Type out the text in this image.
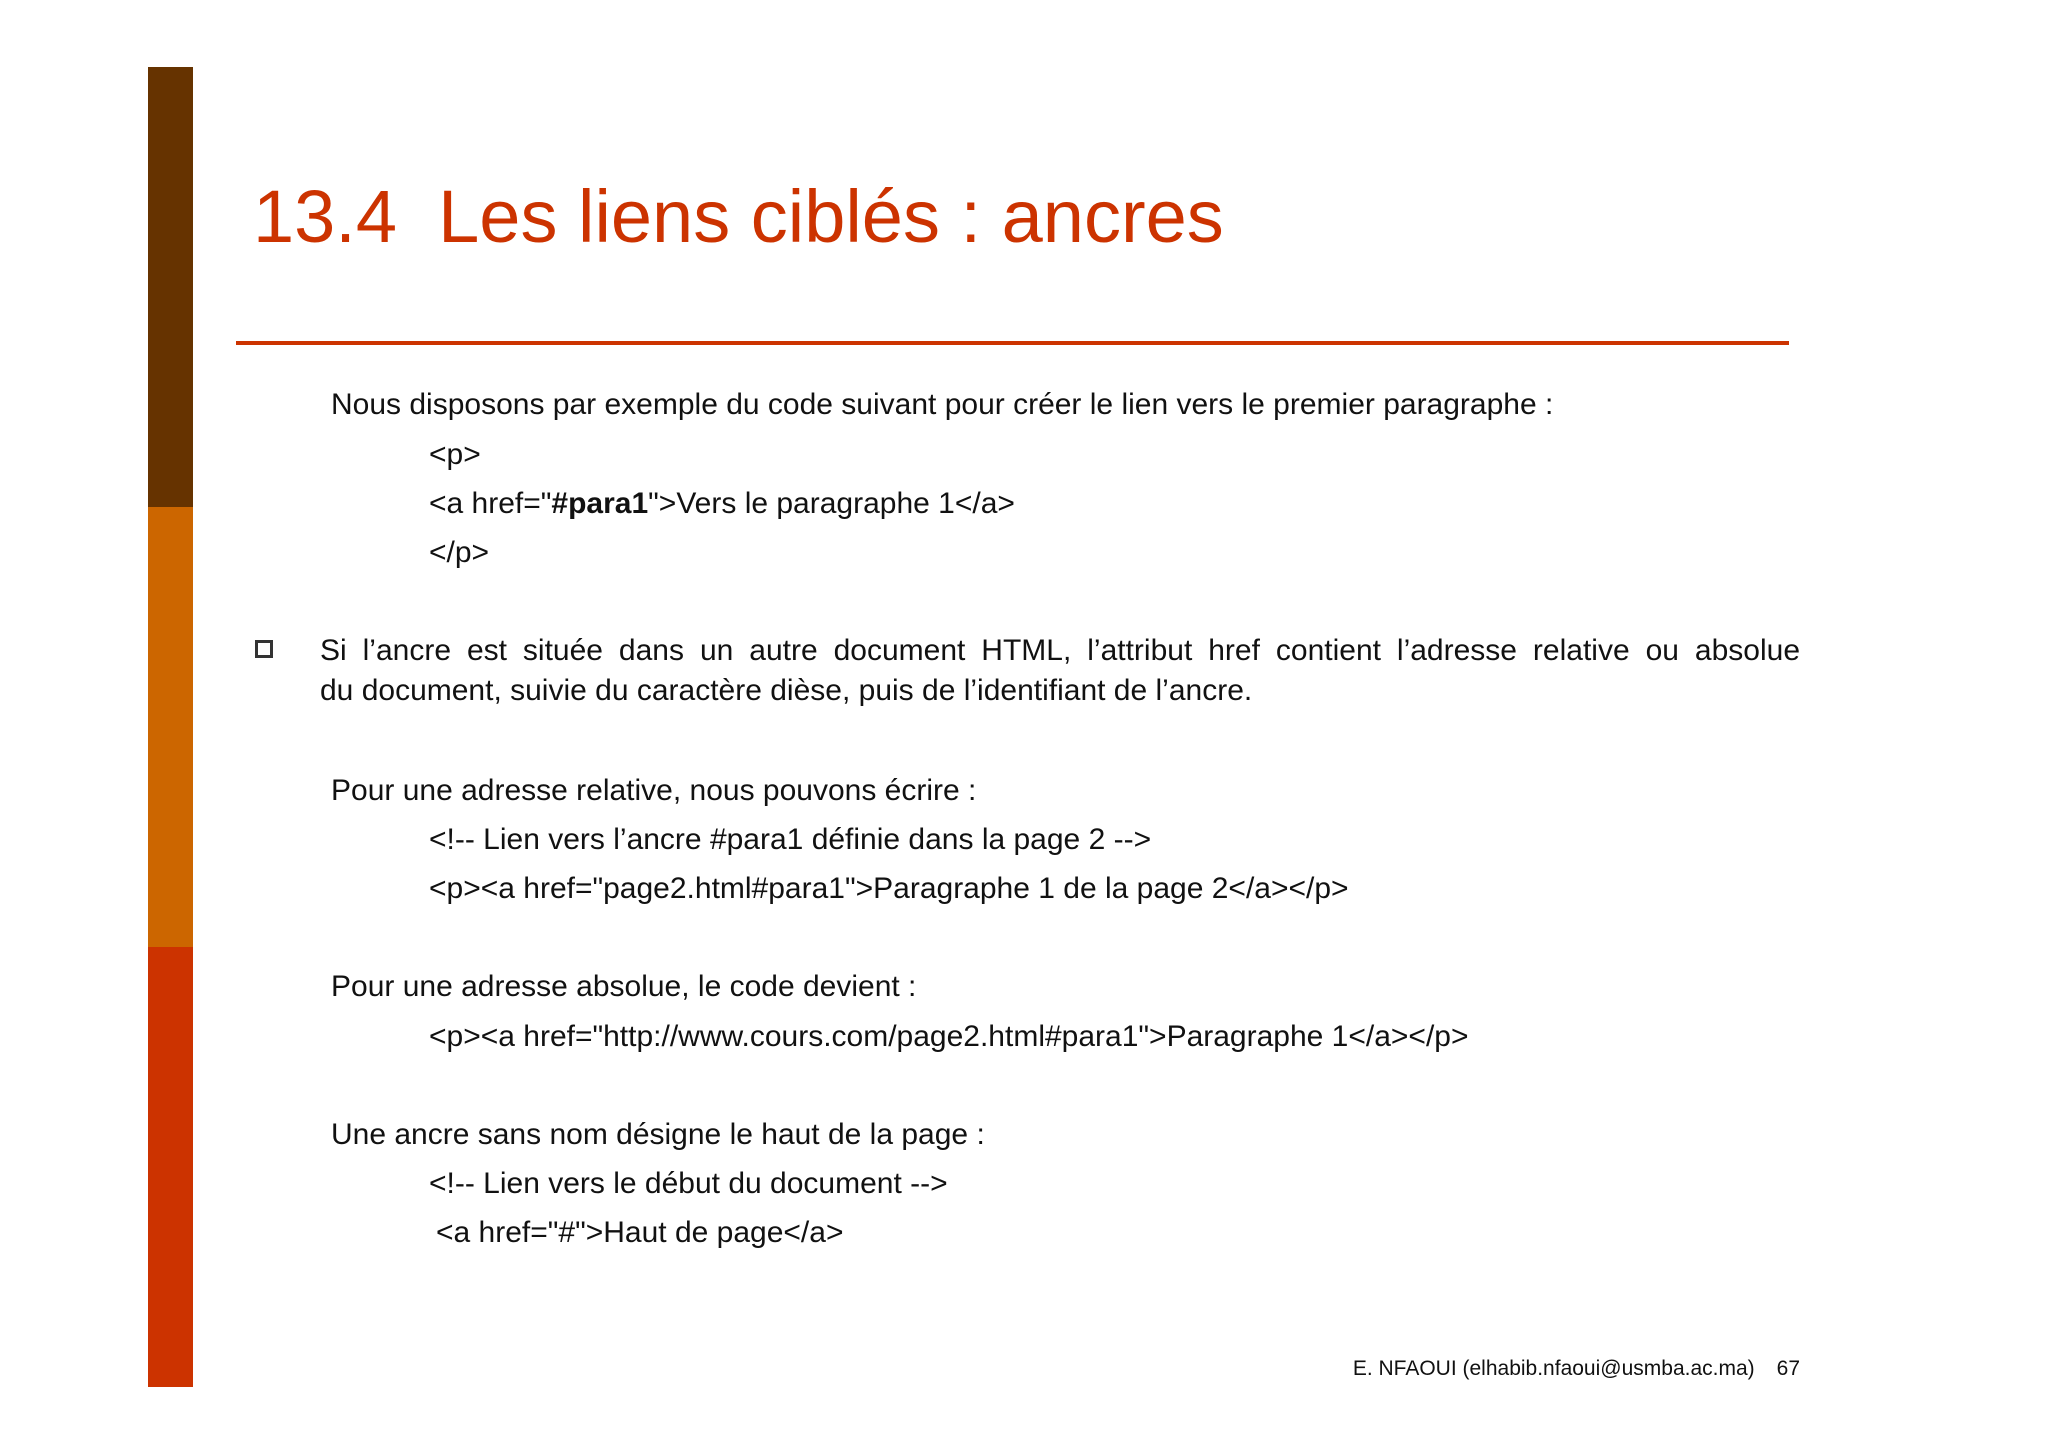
13.4  Les liens ciblés : ancres

Nous disposons par exemple du code suivant pour créer le lien vers le premier paragraphe :

<p>

<a href="#para1">Vers le paragraphe 1</a>

</p>

Si l’ancre est située dans un autre document HTML, l’attribut href contient l’adresse relative ou absolue
du document, suivie du caractère dièse, puis de l’identifiant de l’ancre.

Pour une adresse relative, nous pouvons écrire :

<!-- Lien vers l’ancre #para1 définie dans la page 2 -->

<p><a href="page2.html#para1">Paragraphe 1 de la page 2</a></p>

Pour une adresse absolue, le code devient :

<p><a href="http://www.cours.com/page2.html#para1">Paragraphe 1</a></p>

Une ancre sans nom désigne le haut de la page :

<!-- Lien vers le début du document -->

<a href="#">Haut de page</a>

E. NFAOUI (elhabib.nfaoui@usmba.ac.ma) 67
